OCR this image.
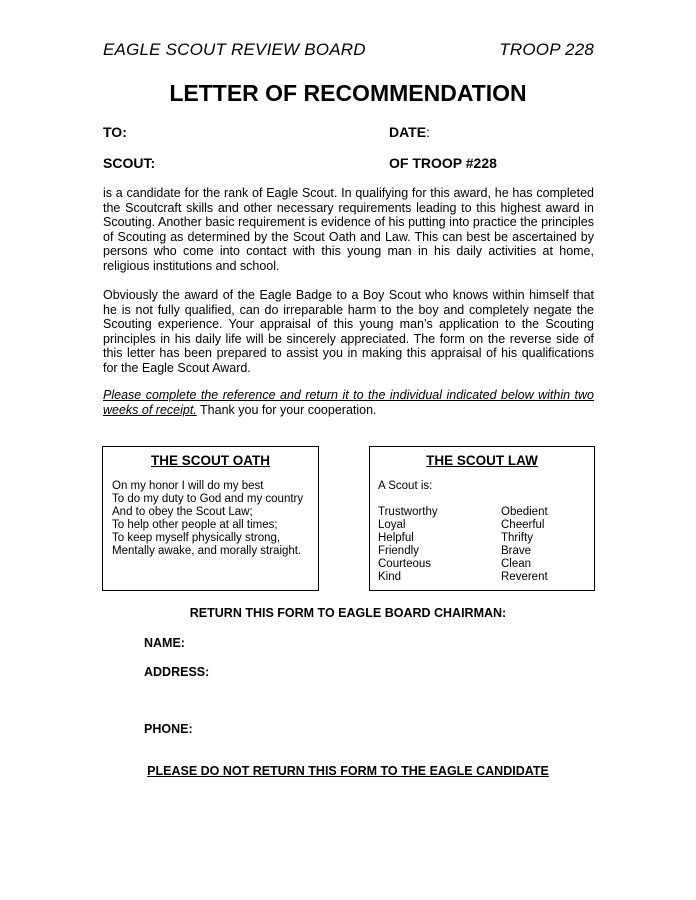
EAGLE SCOUT REVIEW BOARD	TROOP 228
LETTER OF RECOMMENDATION
TO:	DATE:
SCOUT:	OF TROOP #228
is a candidate for the rank of Eagle Scout. In qualifying for this award, he has completed the Scoutcraft skills and other necessary requirements leading to this highest award in Scouting. Another basic requirement is evidence of his putting into practice the principles of Scouting as determined by the Scout Oath and Law. This can best be ascertained by persons who come into contact with this young man in his daily activities at home, religious institutions and school.
Obviously the award of the Eagle Badge to a Boy Scout who knows within himself that he is not fully qualified, can do irreparable harm to the boy and completely negate the Scouting experience. Your appraisal of this young man’s application to the Scouting principles in his daily life will be sincerely appreciated. The form on the reverse side of this letter has been prepared to assist you in making this appraisal of his qualifications for the Eagle Scout Award.
Please complete the reference and return it to the individual indicated below within two weeks of receipt. Thank you for your cooperation.
THE SCOUT OATH
On my honor I will do my best
To do my duty to God and my country
And to obey the Scout Law;
To help other people at all times;
To keep myself physically strong,
Mentally awake, and morally straight.
THE SCOUT LAW
A Scout is:
Trustworthy	Obedient
Loyal	Cheerful
Helpful	Thrifty
Friendly	Brave
Courteous	Clean
Kind	Reverent
RETURN THIS FORM TO EAGLE BOARD CHAIRMAN:
NAME:
ADDRESS:
PHONE:
PLEASE DO NOT RETURN THIS FORM TO THE EAGLE CANDIDATE
